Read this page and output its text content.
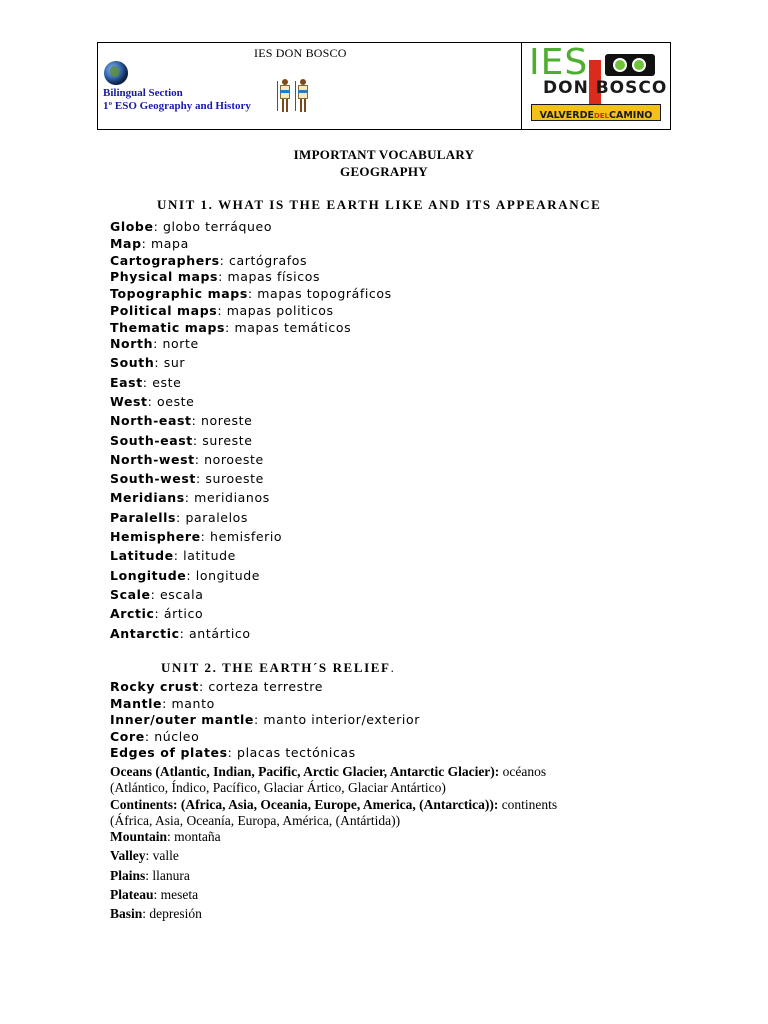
IES DON BOSCO
Bilingual Section
1º ESO Geography and History
IES
DON BOSCO
VALVERDEDELCAMINO
IMPORTANT VOCABULARY
GEOGRAPHY
UNIT 1. WHAT IS THE EARTH LIKE AND ITS APPEARANCE
Globe: globo terráqueo
Map: mapa
Cartographers: cartógrafos
Physical maps: mapas físicos
Topographic maps: mapas topográficos
Political maps: mapas politicos
Thematic maps: mapas temáticos
North: norte
South: sur
East: este
West: oeste
North-east: noreste
South-east: sureste
North-west: noroeste
South-west: suroeste
Meridians: meridianos
Paralells: paralelos
Hemisphere: hemisferio
Latitude: latitude
Longitude: longitude
Scale: escala
Arctic: ártico
Antarctic: antártico
UNIT 2. THE EARTH´S RELIEF.
Rocky crust: corteza terrestre
Mantle: manto
Inner/outer mantle: manto interior/exterior
Core: núcleo
Edges of plates: placas tectónicas
Oceans (Atlantic, Indian, Pacific, Arctic Glacier, Antarctic Glacier): océanos
(Atlántico, Índico, Pacífico, Glaciar Ártico, Glaciar Antártico)
Continents: (Africa, Asia, Oceania, Europe, America, (Antarctica)): continents
(África, Asia, Oceanía, Europa, América, (Antártida))
Mountain: montaña
Valley: valle
Plains: llanura
Plateau: meseta
Basin: depresión
